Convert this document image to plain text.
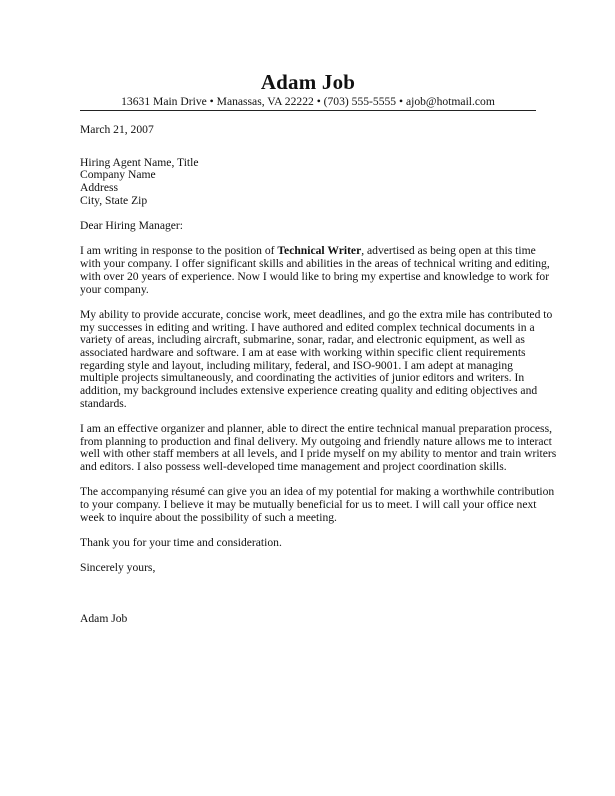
Adam Job
13631 Main Drive • Manassas, VA 22222 • (703) 555-5555 • ajob@hotmail.com

March 21, 2007

Hiring Agent Name, Title
Company Name
Address
City, State Zip

Dear Hiring Manager:

I am writing in response to the position of Technical Writer, advertised as being open at this time
with your company. I offer significant skills and abilities in the areas of technical writing and editing,
with over 20 years of experience. Now I would like to bring my expertise and knowledge to work for
your company.
My ability to provide accurate, concise work, meet deadlines, and go the extra mile has contributed to
my successes in editing and writing. I have authored and edited complex technical documents in a
variety of areas, including aircraft, submarine, sonar, radar, and electronic equipment, as well as
associated hardware and software. I am at ease with working within specific client requirements
regarding style and layout, including military, federal, and ISO-9001. I am adept at managing
multiple projects simultaneously, and coordinating the activities of junior editors and writers. In
addition, my background includes extensive experience creating quality and editing objectives and
standards.
I am an effective organizer and planner, able to direct the entire technical manual preparation process,
from planning to production and final delivery. My outgoing and friendly nature allows me to interact
well with other staff members at all levels, and I pride myself on my ability to mentor and train writers
and editors. I also possess well-developed time management and project coordination skills.
The accompanying résumé can give you an idea of my potential for making a worthwhile contribution
to your company. I believe it may be mutually beneficial for us to meet. I will call your office next
week to inquire about the possibility of such a meeting.

Thank you for your time and consideration.

Sincerely yours,

Adam Job
